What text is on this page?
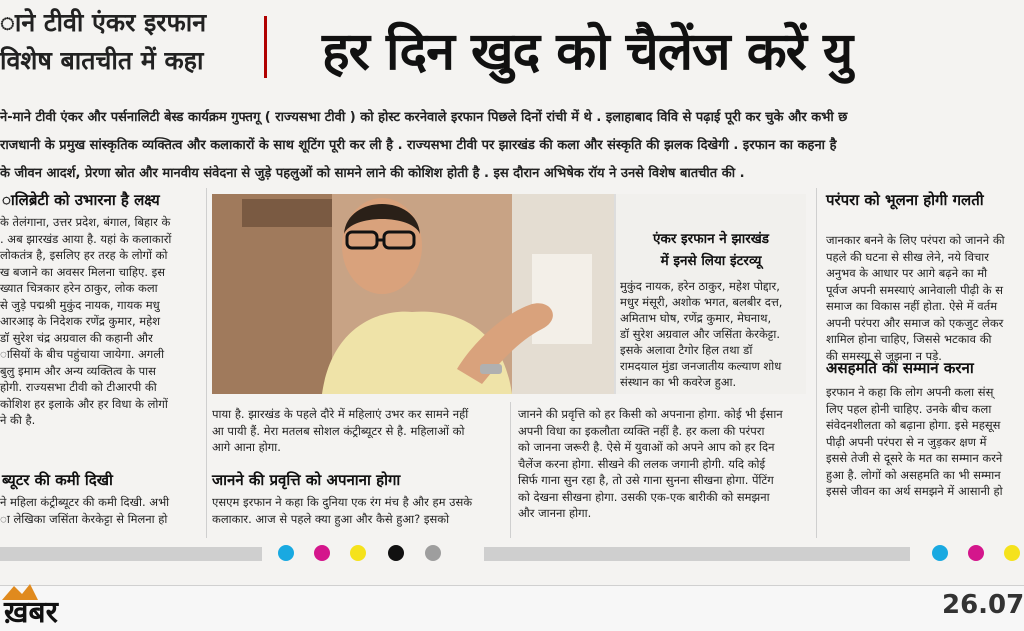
ाने टीवी एंकर इरफान
विशेष बातचीत में कहा	हर दिन खुद को चैलेंज करें यु
ने-माने टीवी एंकर और पर्सनालिटी बेस्ड कार्यक्रम गुफ्तगू ( राज्यसभा टीवी ) को होस्ट करनेवाले इरफान पिछले दिनों रांची में थे . इलाहाबाद विवि से पढ़ाई पूरी कर चुके और कभी छ
राजधानी के प्रमुख सांस्कृतिक व्यक्तित्व और कलाकारों के साथ शूटिंग पूरी कर ली है . राज्यसभा टीवी पर झारखंड की कला और संस्कृति की झलक दिखेगी . इरफान का कहना है
के जीवन आदर्श, प्रेरणा स्रोत और मानवीय संवेदना से जुड़े पहलुओं को सामने लाने की कोशिश होती है . इस दौरान अभिषेक रॉय ने उनसे विशेष बातचीत की .
ालिब्रेटी को उभारना है लक्ष्य
के तेलंगाना, उत्तर प्रदेश, बंगाल, बिहार के
. अब झारखंड आया है. यहां के कलाकारों
लोकतंत्र है, इसलिए हर तरह के लोगों को
ख बजाने का अवसर मिलना चाहिए. इस
ख्यात चित्रकार हरेन ठाकुर, लोक कला
से जुड़े पद्मश्री मुकुंद नायक, गायक मधु
आरआइ के निदेशक रणेंद्र कुमार, महेश
डॉ सुरेश चंद्र अग्रवाल की कहानी और
ासियों के बीच पहुंचाया जायेगा. अगली
बुलु इमाम और अन्य व्यक्तित्व के पास
होगी. राज्यसभा टीवी को टीआरपी की
कोशिश हर इलाके और हर विधा के लोगों
ने की है.
ब्यूटर की कमी दिखी
ने महिला कंट्रीब्यूटर की कमी दिखी. अभी
ा लेखिका जसिंता केरकेट्टा से मिलना हो
एंकर इरफान ने झारखंड
में इनसे लिया इंटरव्यू
मुकुंद नायक, हरेन ठाकुर, महेश पोद्दार,
मधुर मंसूरी, अशोक भगत, बलबीर दत्त,
अमिताभ घोष, रणेंद्र कुमार, मेघनाथ,
डॉ सुरेश अग्रवाल और जसिंता केरकेट्टा.
इसके अलावा टैगोर हिल तथा डॉ
रामदयाल मुंडा जनजातीय कल्याण शोध
संस्थान का भी कवरेज हुआ.
पाया है. झारखंड के पहले दौरे में महिलाएं उभर कर सामने नहीं
आ पायी हैं. मेरा मतलब सोशल कंट्रीब्यूटर से है. महिलाओं को
आगे आना होगा.
जानने की प्रवृत्ति को अपनाना होगा
एसएम इरफान ने कहा कि दुनिया एक रंग मंच है और हम उसके
कलाकार. आज से पहले क्या हुआ और कैसे हुआ? इसको
जानने की प्रवृत्ति को हर किसी को अपनाना होगा. कोई भी ईसान
अपनी विधा का इकलौता व्यक्ति नहीं है. हर कला की परंपरा
को जानना जरूरी है. ऐसे में युवाओं को अपने आप को हर दिन
चैलेंज करना होगा. सीखने की ललक जगानी होगी. यदि कोई
सिर्फ गाना सुन रहा है, तो उसे गाना सुनना सीखना होगा. पेंटिंग
को देखना सीखना होगा. उसकी एक-एक बारीकी को समझना
और जानना होगा.
परंपरा को भूलना होगी गलती
जानकार बनने के लिए परंपरा को जानने की
पहले की घटना से सीख लेने, नये विचार
अनुभव के आधार पर आगे बढ़ने का मौ
पूर्वज अपनी समस्याएं आनेवाली पीढ़ी के स
समाज का विकास नहीं होता. ऐसे में वर्तम
अपनी परंपरा और समाज को एकजुट लेकर
शामिल होना चाहिए, जिससे भटकाव की
की समस्या से जूझना न पड़े.
असहमति का सम्मान करना
इरफान ने कहा कि लोग अपनी कला संस्
लिए पहल होनी चाहिए. उनके बीच कला
संवेदनशीलता को बढ़ाना होगा. इसे महसूस
पीढ़ी अपनी परंपरा से न जुड़कर क्षण में
इससे तेजी से दूसरे के मत का सम्मान करने
हुआ है. लोगों को असहमति का भी सम्मान
इससे जीवन का अर्थ समझने में आसानी हो
ख़बर	26.07
